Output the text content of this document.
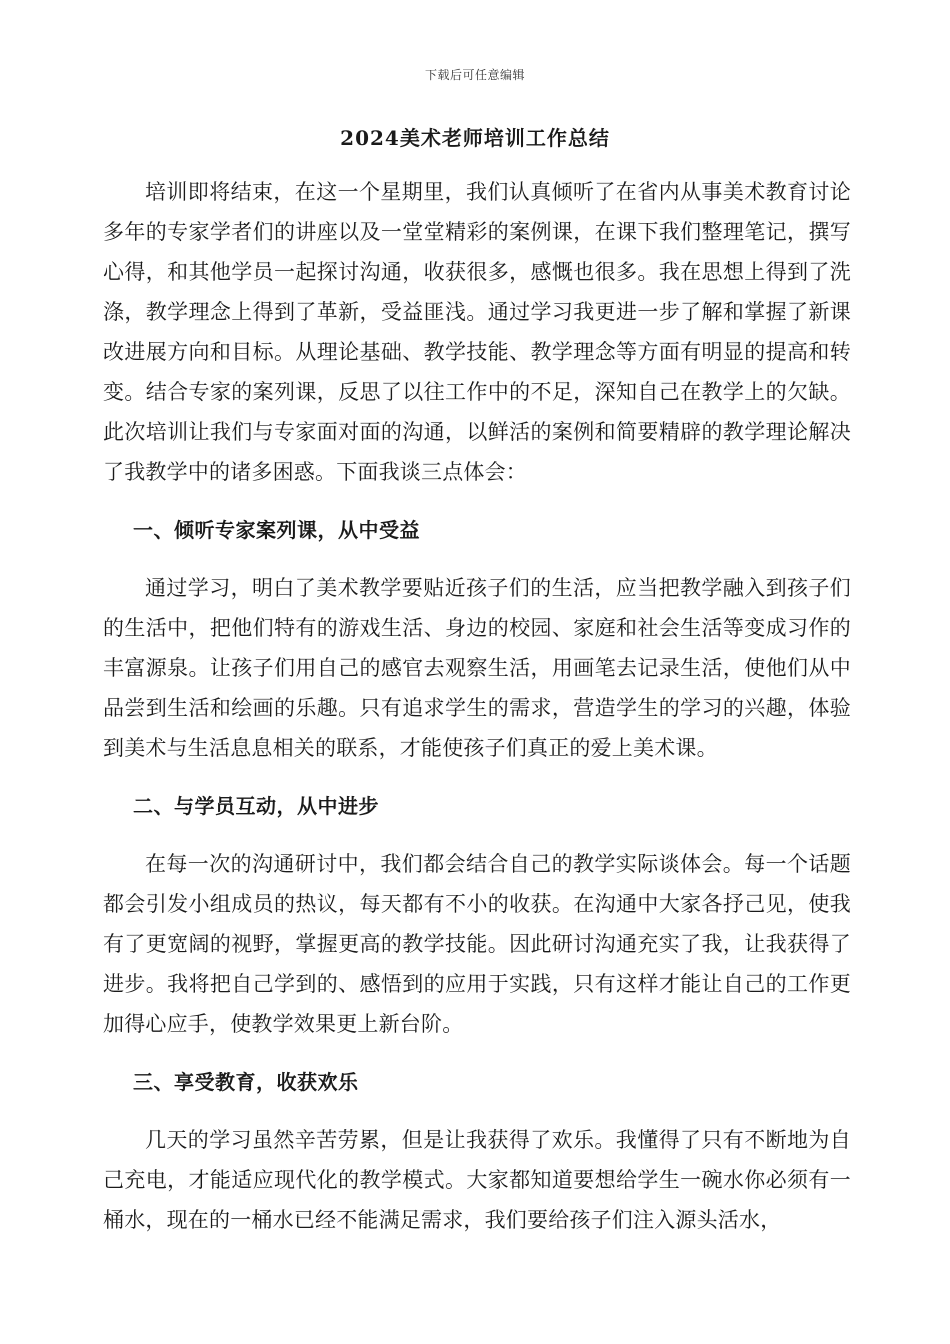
下载后可任意编辑
2024美术老师培训工作总结

培训即将结束，在这一个星期里，我们认真倾听了在省内从事美术教育讨论多年的专家学者们的讲座以及一堂堂精彩的案例课，在课下我们整理笔记，撰写心得，和其他学员一起探讨沟通，收获很多，感慨也很多。我在思想上得到了洗涤，教学理念上得到了革新，受益匪浅。通过学习我更进一步了解和掌握了新课改进展方向和目标。从理论基础、教学技能、教学理念等方面有明显的提高和转变。结合专家的案列课，反思了以往工作中的不足，深知自己在教学上的欠缺。此次培训让我们与专家面对面的沟通，以鲜活的案例和简要精辟的教学理论解决了我教学中的诸多困惑。下面我谈三点体会：

一、倾听专家案列课，从中受益

通过学习，明白了美术教学要贴近孩子们的生活，应当把教学融入到孩子们的生活中，把他们特有的游戏生活、身边的校园、家庭和社会生活等变成习作的丰富源泉。让孩子们用自己的感官去观察生活，用画笔去记录生活，使他们从中品尝到生活和绘画的乐趣。只有追求学生的需求，营造学生的学习的兴趣，体验到美术与生活息息相关的联系，才能使孩子们真正的爱上美术课。

二、与学员互动，从中进步

在每一次的沟通研讨中，我们都会结合自己的教学实际谈体会。每一个话题都会引发小组成员的热议，每天都有不小的收获。在沟通中大家各抒己见，使我有了更宽阔的视野，掌握更高的教学技能。因此研讨沟通充实了我，让我获得了进步。我将把自己学到的、感悟到的应用于实践，只有这样才能让自己的工作更加得心应手，使教学效果更上新台阶。

三、享受教育，收获欢乐

几天的学习虽然辛苦劳累，但是让我获得了欢乐。我懂得了只有不断地为自己充电，才能适应现代化的教学模式。大家都知道要想给学生一碗水你必须有一桶水，现在的一桶水已经不能满足需求，我们要给孩子们注入源头活水，
